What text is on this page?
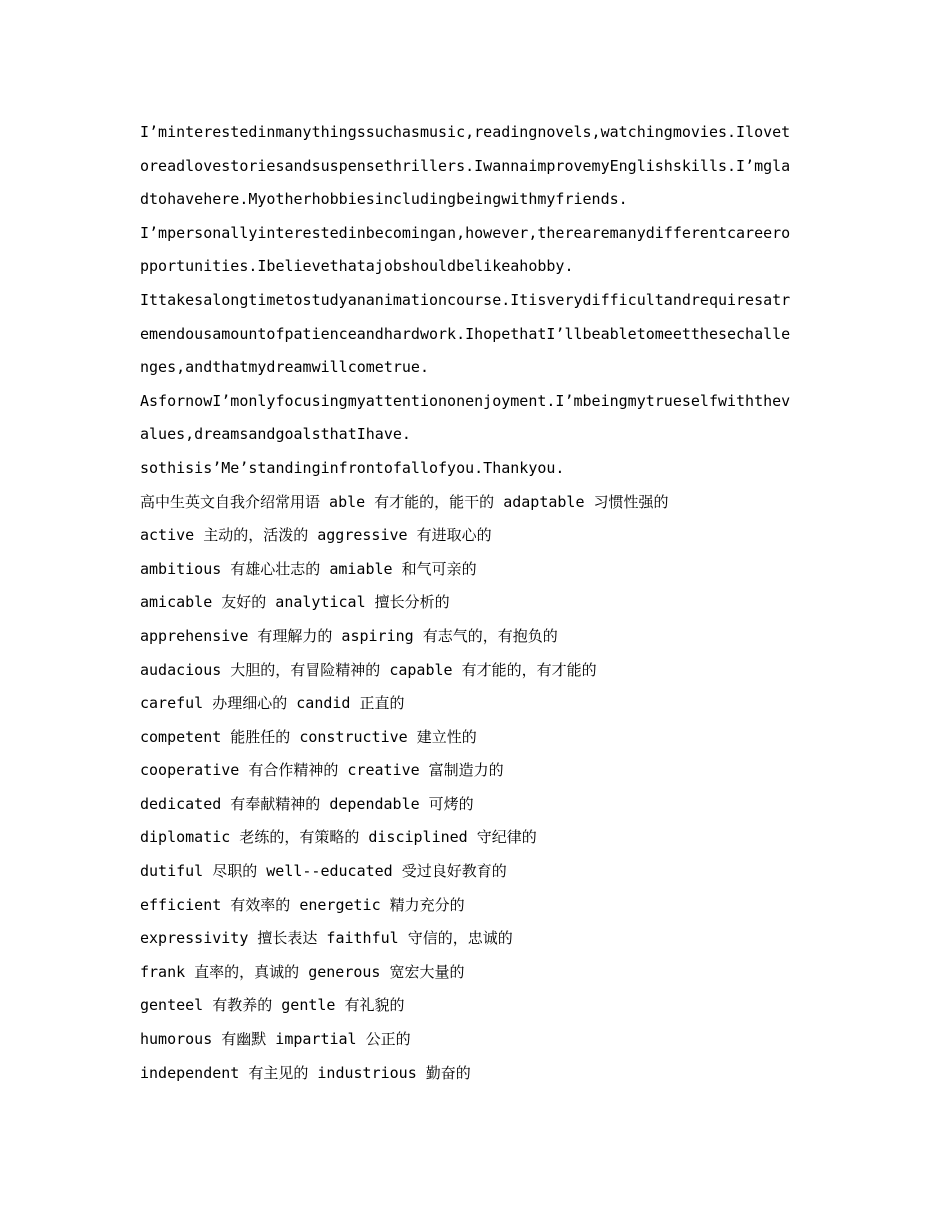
I’minterestedinmanythingssuchasmusic,readingnovels,watchingmovies.Ilovet
oreadlovestoriesandsuspensethrillers.IwannaimprovemyEnglishskills.I’mgla
dtohavehere.Myotherhobbiesincludingbeingwithmyfriends.
I’mpersonallyinterestedinbecomingan,however,therearemanydifferentcareero
pportunities.Ibelievethatajobshouldbelikeahobby.
Ittakesalongtimetostudyananimationcourse.Itisverydifficultandrequiresatr
emendousamountofpatienceandhardwork.IhopethatI’llbeabletomeetthesechalle
nges,andthatmydreamwillcometrue.
AsfornowI’monlyfocusingmyattentiononenjoyment.I’mbeingmytrueselfwiththev
alues,dreamsandgoalsthatIhave.
sothisis’Me’standinginfrontofallofyou.Thankyou.
高中生英文自我介绍常用语 able 有才能的，能干的 adaptable 习惯性强的
active 主动的，活泼的 aggressive 有进取心的
ambitious 有雄心壮志的 amiable 和气可亲的
amicable 友好的 analytical 擅长分析的
apprehensive 有理解力的 aspiring 有志气的，有抱负的
audacious 大胆的，有冒险精神的 capable 有才能的，有才能的
careful 办理细心的 candid 正直的
competent 能胜任的 constructive 建立性的
cooperative 有合作精神的 creative 富制造力的
dedicated 有奉献精神的 dependable 可烤的
diplomatic 老练的，有策略的 disciplined 守纪律的
dutiful 尽职的 well--educated 受过良好教育的
efficient 有效率的 energetic 精力充分的
expressivity 擅长表达 faithful 守信的，忠诚的
frank 直率的，真诚的 generous 宽宏大量的
genteel 有教养的 gentle 有礼貌的
humorous 有幽默 impartial 公正的
independent 有主见的 industrious 勤奋的
